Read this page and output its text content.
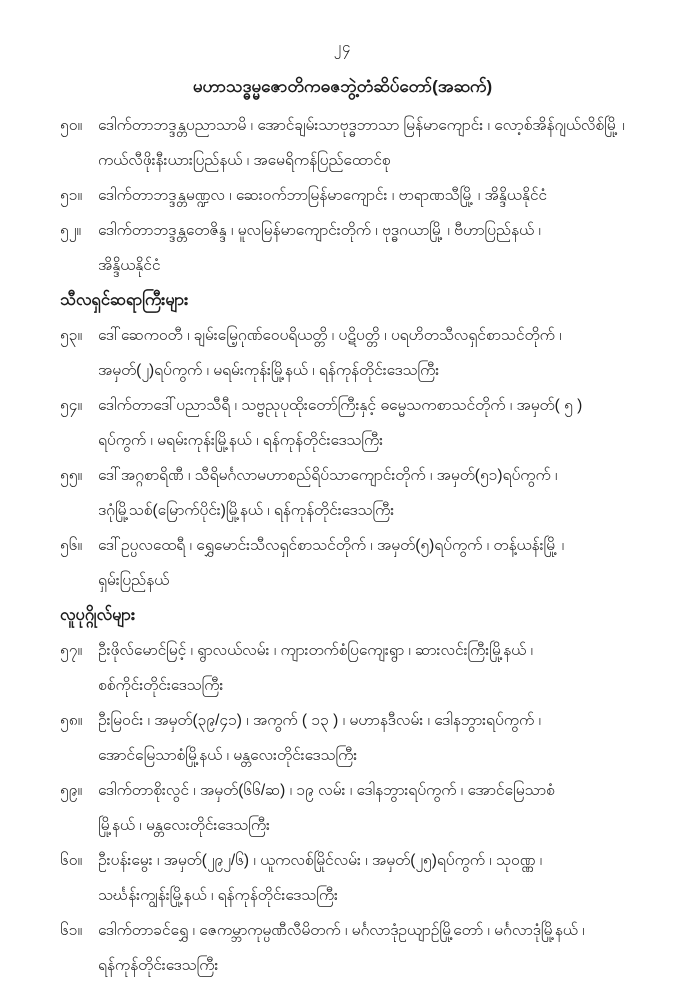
၂၄
မဟာသဒ္ဓမ္မဇောတိကဓဇဘွဲ့တံဆိပ်တော်(အဆက်)
၅၀။	ဒေါက်တာဘဒ္ဒန္တပညာသာမိ ၊ အောင်ချမ်းသာဗုဒ္ဓဘာသာ မြန်မာကျောင်း ၊ လော့စ်အိန်ဂျယ်လိစ်မြို့ ၊
ကယ်လီဖိုးနီးယားပြည်နယ် ၊ အမေရိကန်ပြည်ထောင်စု
၅၁။	ဒေါက်တာဘဒ္ဒန္တမဏ္ဍလ ၊ ဆေးဝက်ဘာမြန်မာကျောင်း ၊ ဗာရာဏသီမြို့ ၊ အိန္ဒိယနိုင်ငံ
၅၂။	ဒေါက်တာဘဒ္ဒန္တတေဇိန္ဒ ၊ မူလမြန်မာကျောင်းတိုက် ၊ ဗုဒ္ဓဂယာမြို့ ၊ ဗီဟာပြည်နယ် ၊
အိန္ဒိယနိုင်ငံ
သီလရှင်ဆရာကြီးများ
၅၃။	ဒေါ်ဆေကဝတီ ၊ ချမ်းမြေ့ဂုဏ်ဝေပရိယတ္တိ ၊ ပဋိပတ္တိ ၊ ပရဟိတသီလရှင်စာသင်တိုက် ၊
အမှတ်(၂)ရပ်ကွက် ၊ မရမ်းကုန်းမြို့နယ် ၊ ရန်ကုန်တိုင်းဒေသကြီး
၅၄။	ဒေါက်တာဒေါ်ပညာသီရီ ၊ သဗ္ဗညုပုထိုးတော်ကြီးနှင့် ဓမ္မေသကစာသင်တိုက် ၊ အမှတ်( ၅ )
ရပ်ကွက် ၊ မရမ်းကုန်းမြို့နယ် ၊ ရန်ကုန်တိုင်းဒေသကြီး
၅၅။	ဒေါ်အဂ္ဂစာရိဏီ ၊ သီရိမင်္ဂလာမဟာစည်ရိပ်သာကျောင်းတိုက် ၊ အမှတ်(၅၁)ရပ်ကွက် ၊
ဒဂုံမြို့သစ်(မြောက်ပိုင်း)မြို့နယ် ၊ ရန်ကုန်တိုင်းဒေသကြီး
၅၆။	ဒေါ်ဥပ္ပလထေရီ ၊ ရွှေမောင်းသီလရှင်စာသင်တိုက် ၊ အမှတ်(၅)ရပ်ကွက် ၊ တန့်ယန်းမြို့ ၊
ရှမ်းပြည်နယ်
လူပုဂ္ဂိုလ်များ
၅၇။	ဦးဖိုလ်မောင်မြင့် ၊ ရွာလယ်လမ်း ၊ ကျားတက်စံပြကျေးရွာ ၊ ဆားလင်းကြီးမြို့နယ် ၊
စစ်ကိုင်းတိုင်းဒေသကြီး
၅၈။	ဦးမြဝင်း ၊ အမှတ်(၃၉/၄၁) ၊ အကွက် ( ၁၃ ) ၊ မဟာနဒီလမ်း ၊ ဒေါနဘွားရပ်ကွက် ၊
အောင်မြေသာစံမြို့နယ် ၊ မန္တလေးတိုင်းဒေသကြီး
၅၉။	ဒေါက်တာစိုးလွင် ၊ အမှတ်(၆၆/ဆ) ၊ ၁၉ လမ်း ၊ ဒေါနဘွားရပ်ကွက် ၊ အောင်မြေသာစံ
မြို့နယ် ၊ မန္တလေးတိုင်းဒေသကြီး
၆၀။	ဦးပန်းမွေး ၊ အမှတ်(၂၉၂/၆) ၊ ယူကလစ်မြိုင်လမ်း ၊ အမှတ်(၂၅)ရပ်ကွက် ၊ သုဝဏ္ဏ ၊
သင်္ဃန်းကျွန်းမြို့နယ် ၊ ရန်ကုန်တိုင်းဒေသကြီး
၆၁။	ဒေါက်တာခင်ရွှေ ၊ ဇေကမ္ဘာကုမ္ပဏီလီမိတက် ၊ မင်္ဂလာဒုံဥယျာဉ်မြို့တော် ၊ မင်္ဂလာဒုံမြို့နယ် ၊
ရန်ကုန်တိုင်းဒေသကြီး
